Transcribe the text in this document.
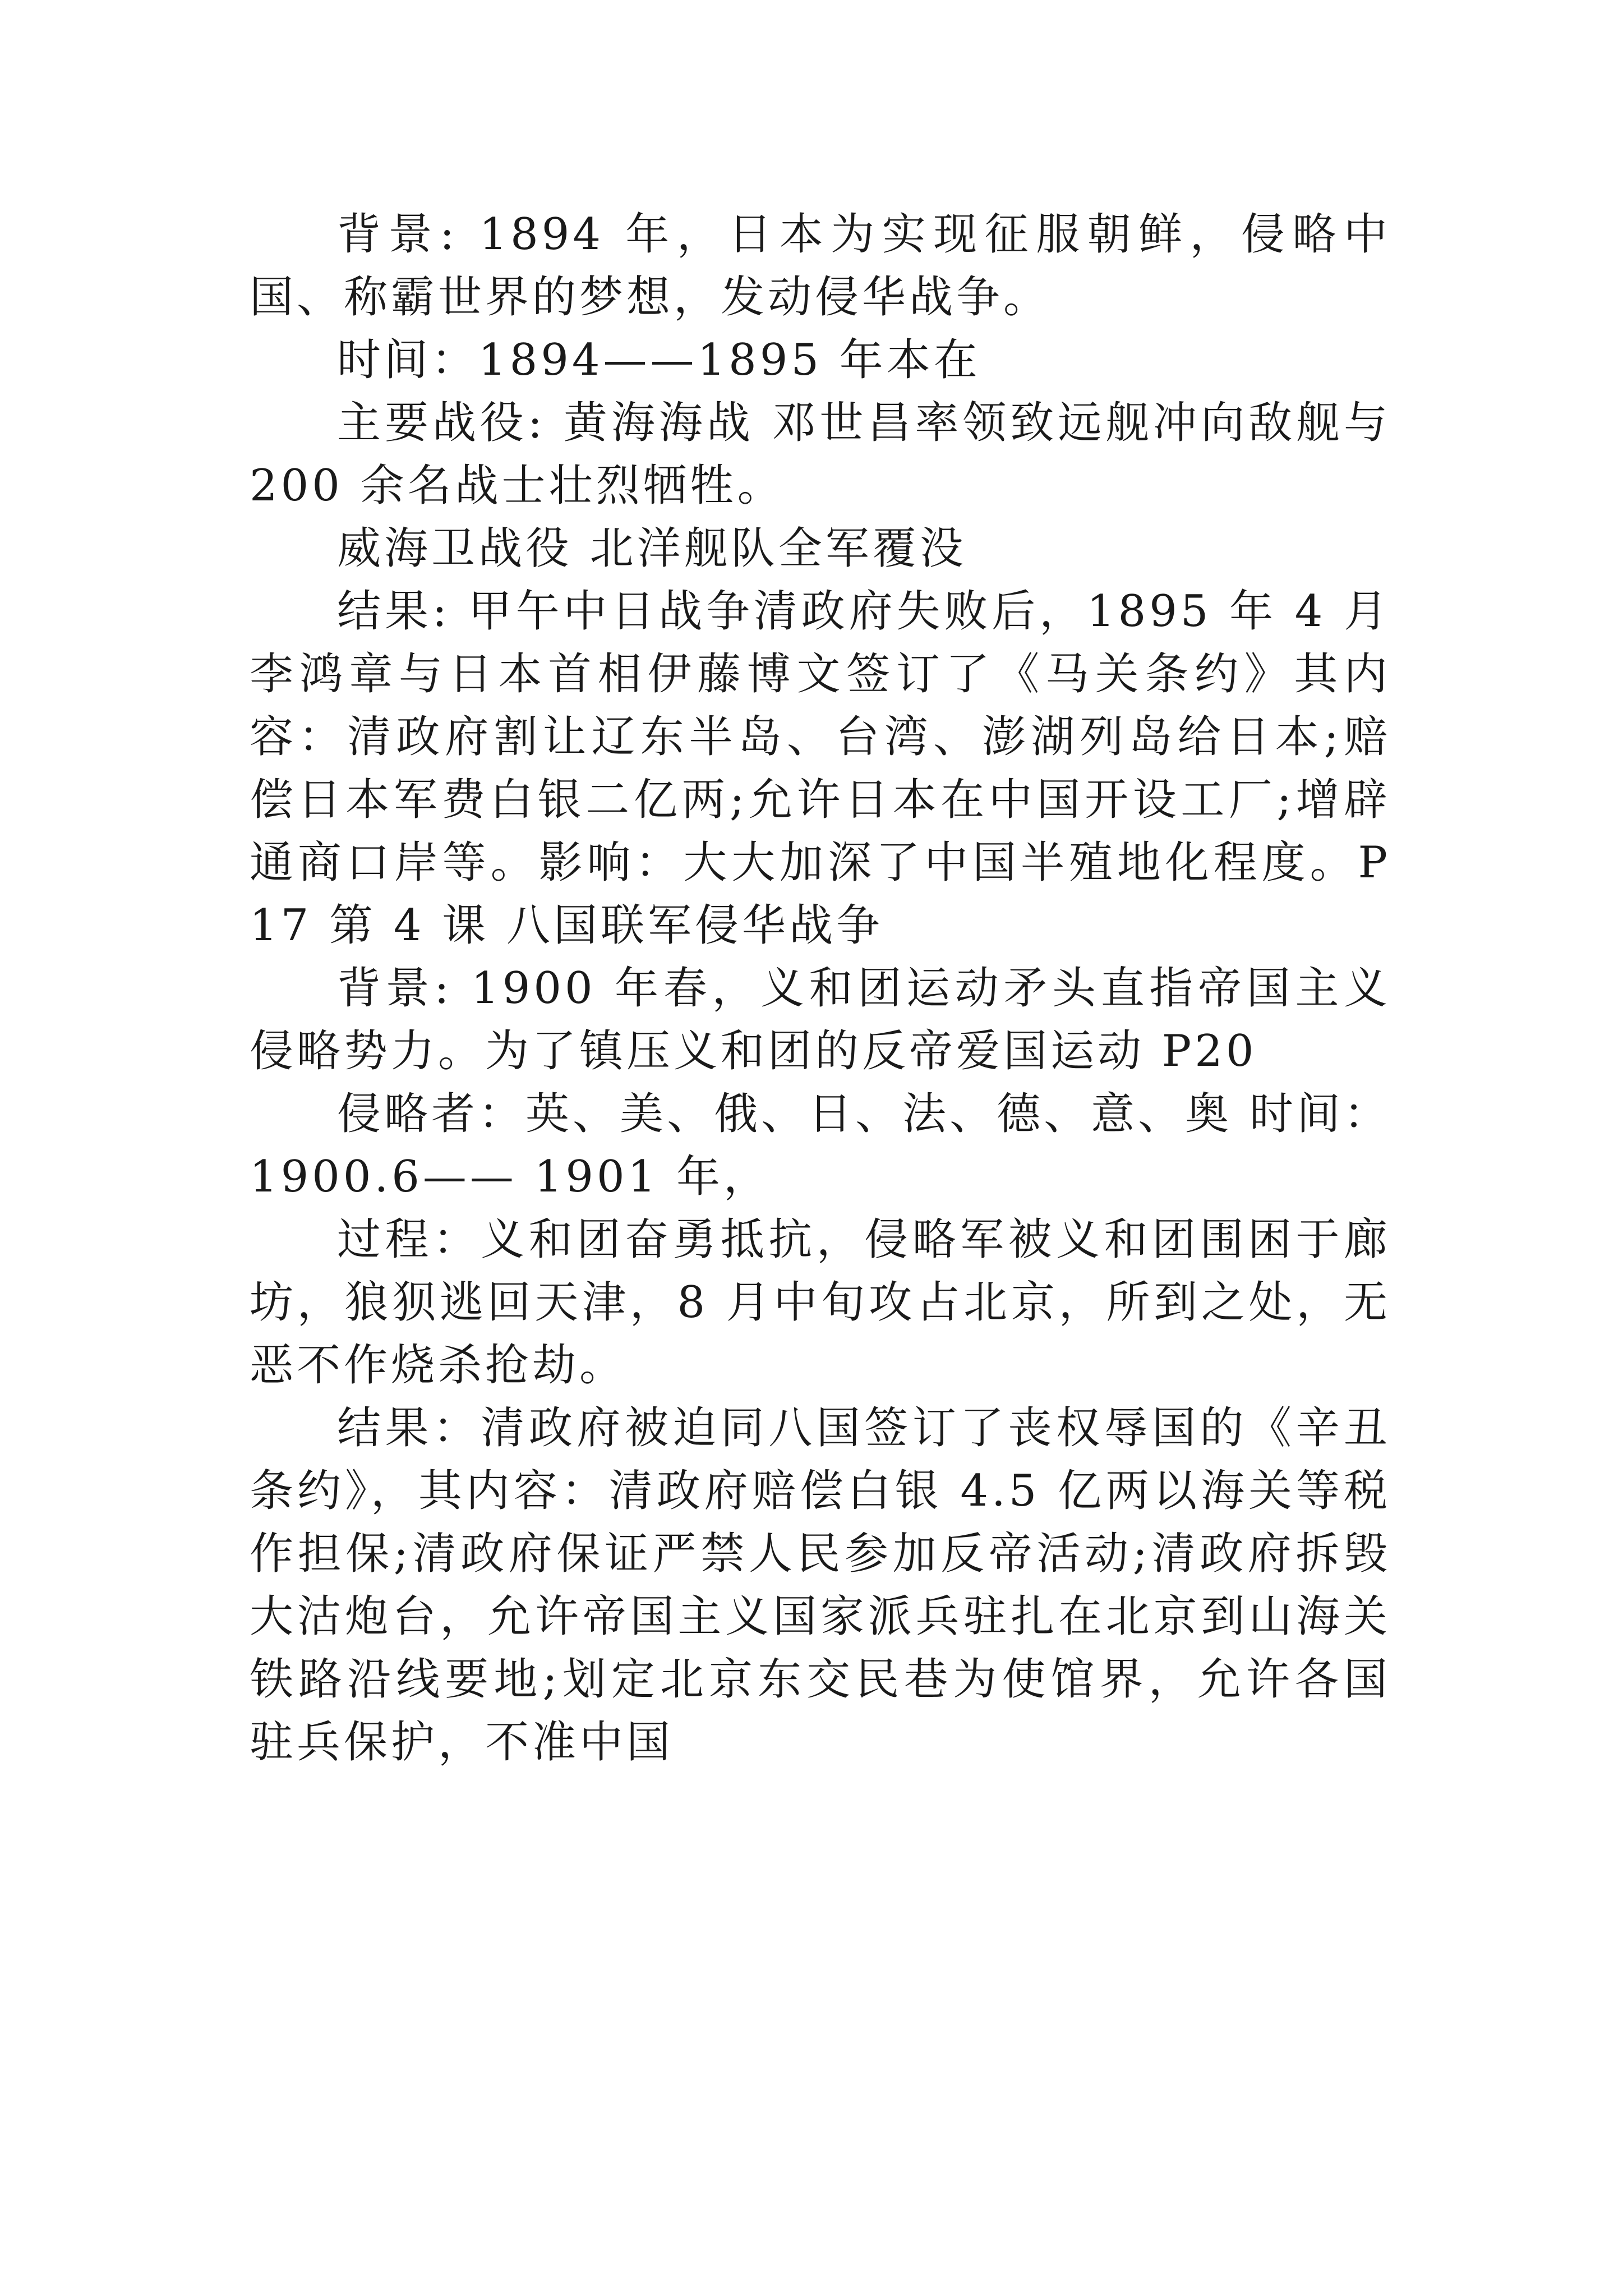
背景: 1894 年，日本为实现征服朝鲜，侵略中国、称霸世界的梦想，发动侵华战争。

时间：1894——1895 年本在

主要战役: 黄海海战 邓世昌率领致远舰冲向敌舰与 200 余名战士壮烈牺牲。

威海卫战役 北洋舰队全军覆没

结果: 甲午中日战争清政府失败后，1895 年 4 月李鸿章与日本首相伊藤博文签订了《马关条约》其内容：清政府割让辽东半岛、台湾、澎湖列岛给日本;赔偿日本军费白银二亿两;允许日本在中国开设工厂;增辟通商口岸等。影响：大大加深了中国半殖地化程度。P17 第 4 课 八国联军侵华战争

背景: 1900 年春，义和团运动矛头直指帝国主义侵略势力。为了镇压义和团的反帝爱国运动 P20

侵略者：英、美、俄、日、法、德、意、奥 时间：1900.6—— 1901 年，

过程：义和团奋勇抵抗，侵略军被义和团围困于廊坊，狼狈逃回天津，8 月中旬攻占北京，所到之处，无恶不作烧杀抢劫。

结果：清政府被迫同八国签订了丧权辱国的《辛丑条约》，其内容：清政府赔偿白银 4.5 亿两以海关等税作担保;清政府保证严禁人民参加反帝活动;清政府拆毁大沽炮台，允许帝国主义国家派兵驻扎在北京到山海关铁路沿线要地;划定北京东交民巷为使馆界，允许各国驻兵保护，不准中国
